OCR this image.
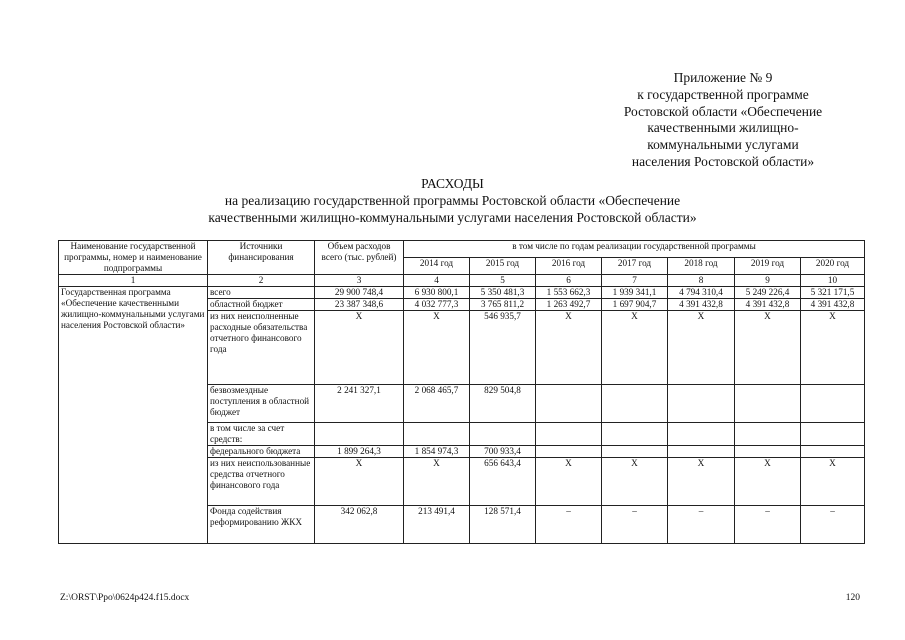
Приложение № 9
к государственной программе
Ростовской области «Обеспечение
качественными жилищно-
коммунальными услугами
населения Ростовской области»
РАСХОДЫ
на реализацию государственной программы Ростовской области «Обеспечение
качественными жилищно-коммунальными услугами населения Ростовской области»
Наименование государственной программы, номер и наименование подпрограммы	Источники финансирования	Объем расходов всего (тыс. рублей)	в том числе по годам реализации государственной программы						
			2014 год	2015 год	2016 год	2017 год	2018 год	2019 год	2020 год
1	2	3	4	5	6	7	8	9	10
Государственная программа «Обеспечение качественными жилищно-коммунальными услугами населения Ростовской области»	всего	29 900 748,4	6 930 800,1	5 350 481,3	1 553 662,3	1 939 341,1	4 794 310,4	5 249 226,4	5 321 171,5
	областной бюджет	23 387 348,6	4 032 777,3	3 765 811,2	1 263 492,7	1 697 904,7	4 391 432,8	4 391 432,8	4 391 432,8
	из них неисполненные расходные обязательства отчетного финансового года	Х	Х	546 935,7	Х	Х	Х	Х	Х
	безвозмездные поступления в областной бюджет	2 241 327,1	2 068 465,7	829 504,8					
	в том числе за счет средств:								
	федерального бюджета	1 899 264,3	1 854 974,3	700 933,4					
	из них неиспользованные средства отчетного финансового года	Х	Х	656 643,4	Х	Х	Х	Х	Х
	Фонда содействия реформированию ЖКХ	342 062,8	213 491,4	128 571,4	–	–	–	–	–
Z:\ORST\Ppo\0624p424.f15.docx	120
